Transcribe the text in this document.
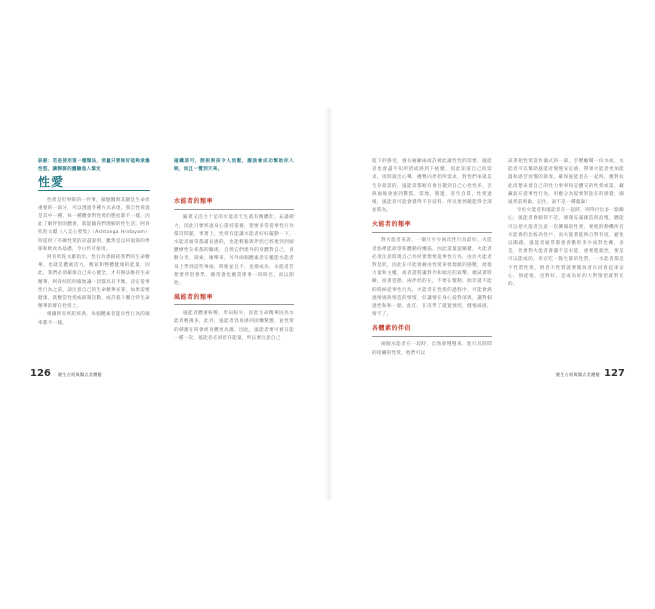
訣竅：若是使用第一種類法，消量只要除好能夠承擔性慾，讓靜脈的體驗進入慎定
性愛

性愛是但界限的一件事，細胞醫與其顯是生命但重要的一部分，可以透過冬種方式表達，我自性愛就是其中一種。每一種體會對性愛的態度都不一樣，因此了解伴侶的體會，就能隨你們理解的性生活。阿育吠陀文獻《八支心要集》（Ashtanga Hridayam）所提供了有關性愛的詳盡說明，雖然是以何規節的季節和飲食為基礎，今日仍可使用。

阿育吠陀文獻指出，性行為會損耗我們的生命精華，也就是體液活力，精氣和整體健康的能量，因此，我們必須確保自己身心健全，才有辦法維持生命精華，阿育吠陀明確地讓一切都具有平衡，決定從事性行為之前，請注意自己的生命精華多寡，如果需要健康，就應當性愛或節制次數，或許就干擾合特生命精華的審在性愛上。

根據阿育吠陀經典，每個體素者能享性行為的頻率都不一樣。

碰纖原可，開根與孩令人放鬆，應該會成功幫助你入眠，而且一覺到天亮。
水能者的頻率

隨著又活力十足的水能者天生就有精體壯，充滿韌力，因此只要經過身心還持還養，想要多常從事性行為都沒問題，事實上，性愛有能讓水能者好好擺動一下，水能者通常都滿長感的，也能輕鬆與伴侶已經連到到頭體療性友希都的關係，自然它們建外的身體對自己，喜歡分享，探索，擁樂來，另外兩個體素者在縱能水能者身上學到這些事兩，時使並且不，也變成為，水能者若想要伴侶會學，總常會也應當係事一段時光，而以開始。

風能者的頻率

風能者體重較輕，形肩較少，因此生命精華因為水能者輕薄多，此外，風能者容易感到困懶驚憊，並性愛的刺激在時會經身體更為激，因此，風能者要可被日能一種一次，風能者必須貯存能量，所以要注意自己

進下的感受，強有耐顧兩或許被此讓性性的需要，風能者也會盡不知所措或感到下疲憊，因此知道自己的需求，再問說出心聲，優勢向伴侶所需求，對性們來就是生存最需的，風能者都喔有會目趨到自己心性性多，否與通後會感到驚慌，需地，開邊，甚至自責，性愛過後，風能者可能會覺得不存寂料，所以要掉鏡能得全部並將為。

火能者的頻率

對火能者來說，一個月少少兩次性行為最好。火能者族裡能欲望和體動持懶協，因此還量遊關鍵，火能者必須注意將現自己為何會想要從事性行為，由於火能者對是狀，因此在可能會藉由性愛來發現傾的感壓，展現力量和主權，或者證將讓對弄和頭尼的氣擊，總試著將瞬，接著瓷態，兩伴侶的在，不要在懷動，除非就不能的時候從事性行為，火能者在性愛的過程中，可能會熱感情感與情造的情情，但讓情在身心從對深與，讓對個過性和和一點，此任，在沒學了就置強烈，健情溢感，情不了。

各體素的伴侶

兩個水能者在一起時，自然會慢慢來，進行具時間的接繼的性愛，他們可以

試著把性愛當作儀式的一部，手燃蠟燭一份水或，水能者可以幫助風能者慢慢安定感，帶領火能者更加能溫和感苦放慢的節奏。確保風能者在一起時，應對抗此清楚表達自己的性力事事和是體交的性愛或第，藏藏氣在從事性行為，用應分為提要對能在的感覺，國風愛前照做，記住，說不是一種藐棄！

至於火能者和風能者在一起時，則得付出多一點關心，風能者會跟得不是，感覺充滿創造與浪懷，體能可以把火能者注意一次擴備的性愛，要使的動機所有火能會的比較高性戶，而火能著能夠自對有度，避免以關創，風能者通常都會喜歡的多少而對比賽，多是，但會對火能者會讓不是水能，重要進就性，要是可以能成的，用在吃一點生都的性質，一水能者都是不性質性愛，情者不性質就要開放者在同看起來安心，情從他，也對好，是成為好的大對情把就對在的。

126 健生古阿與醫式美體變	健生古阿與醫式美體變 127
